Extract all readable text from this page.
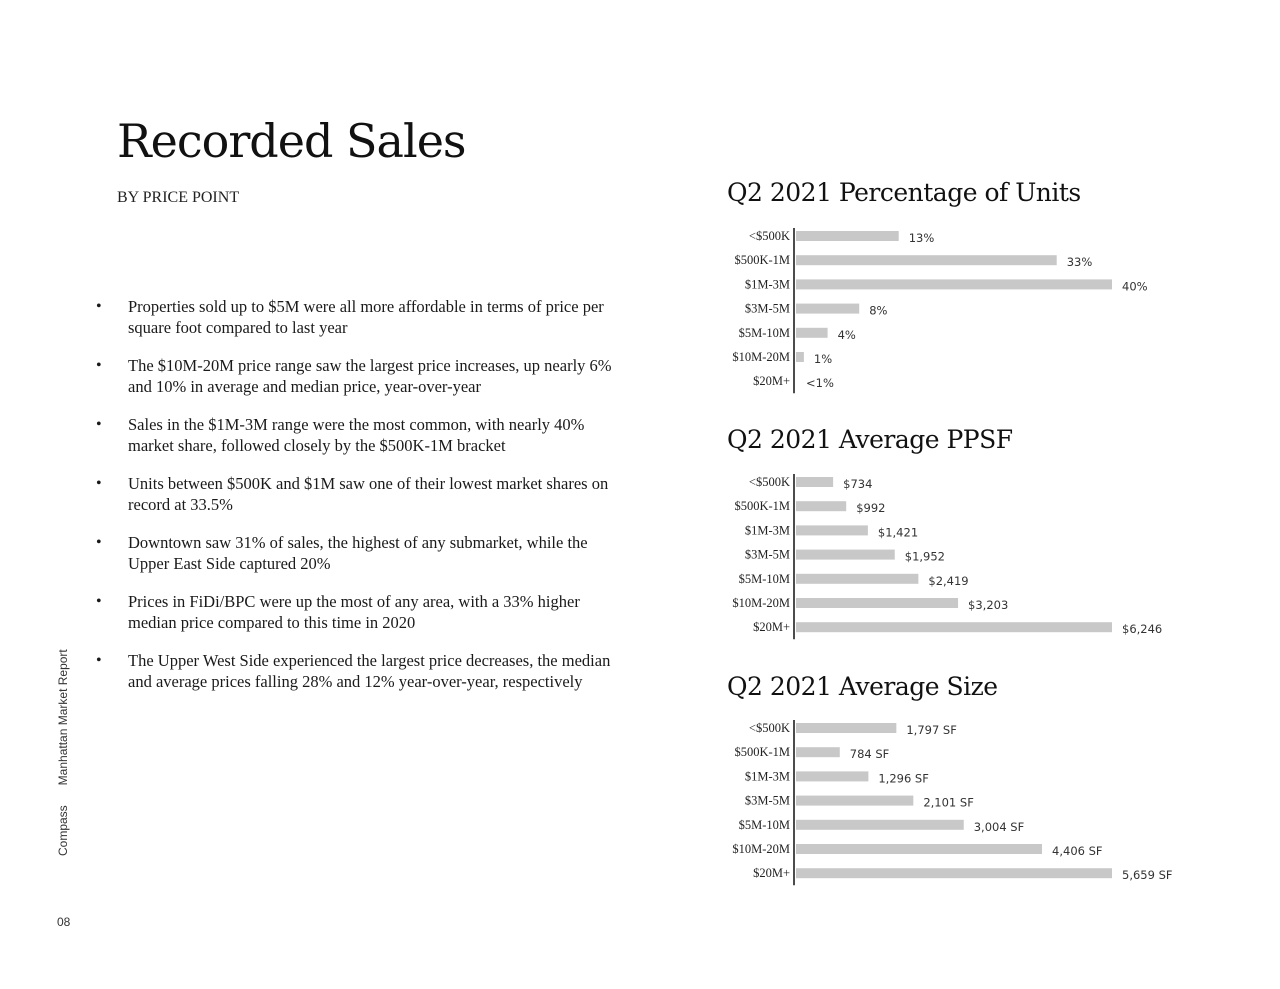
Recorded Sales
BY PRICE POINT
• Properties sold up to $5M were all more affordable in terms of price per square foot compared to last year
• The $10M-20M price range saw the largest price increases, up nearly 6% and 10% in average and median price, year-over-year
• Sales in the $1M-3M range were the most common, with nearly 40% market share, followed closely by the $500K-1M bracket
• Units between $500K and $1M saw one of their lowest market shares on record at 33.5%
• Downtown saw 31% of sales, the highest of any submarket, while the Upper East Side captured 20%
• Prices in FiDi/BPC were up the most of any area, with a 33% higher median price compared to this time in 2020
• The Upper West Side experienced the largest price decreases, the median and average prices falling 28% and 12% year-over-year, respectively
CompassManhattan Market Report
08
Q2 2021 Percentage of Units
<$500K	13%
$500K-1M	33%
$1M-3M	40%
$3M-5M	8%
$5M-10M	4%
$10M-20M 1%
$20M+ <1%
Q2 2021 Average PPSF
<$500K	$734
$500K-1M	$992
$1M-3M	$1,421
$3M-5M	$1,952
$5M-10M	$2,419
$10M-20M	$3,203
$20M+	$6,246
Q2 2021 Average Size
<$500K	1,797 SF
$500K-1M	784 SF
$1M-3M	1,296 SF
$3M-5M	2,101 SF
$5M-10M	3,004 SF
$10M-20M	4,406 SF
$20M+	5,659 SF
